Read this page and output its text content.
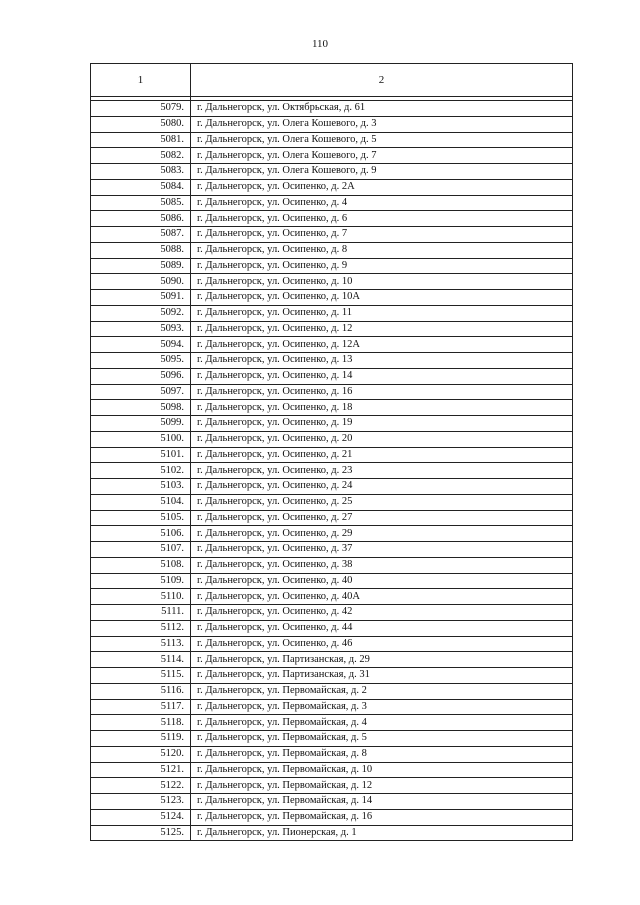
110
1	2

5079.	г. Дальнегорск, ул. Октябрьская, д. 61
5080.	г. Дальнегорск, ул. Олега Кошевого, д. 3
5081.	г. Дальнегорск, ул. Олега Кошевого, д. 5
5082.	г. Дальнегорск, ул. Олега Кошевого, д. 7
5083.	г. Дальнегорск, ул. Олега Кошевого, д. 9
5084.	г. Дальнегорск, ул. Осипенко, д. 2А
5085.	г. Дальнегорск, ул. Осипенко, д. 4
5086.	г. Дальнегорск, ул. Осипенко, д. 6
5087.	г. Дальнегорск, ул. Осипенко, д. 7
5088.	г. Дальнегорск, ул. Осипенко, д. 8
5089.	г. Дальнегорск, ул. Осипенко, д. 9
5090.	г. Дальнегорск, ул. Осипенко, д. 10
5091.	г. Дальнегорск, ул. Осипенко, д. 10А
5092.	г. Дальнегорск, ул. Осипенко, д. 11
5093.	г. Дальнегорск, ул. Осипенко, д. 12
5094.	г. Дальнегорск, ул. Осипенко, д. 12А
5095.	г. Дальнегорск, ул. Осипенко, д. 13
5096.	г. Дальнегорск, ул. Осипенко, д. 14
5097.	г. Дальнегорск, ул. Осипенко, д. 16
5098.	г. Дальнегорск, ул. Осипенко, д. 18
5099.	г. Дальнегорск, ул. Осипенко, д. 19
5100.	г. Дальнегорск, ул. Осипенко, д. 20
5101.	г. Дальнегорск, ул. Осипенко, д. 21
5102.	г. Дальнегорск, ул. Осипенко, д. 23
5103.	г. Дальнегорск, ул. Осипенко, д. 24
5104.	г. Дальнегорск, ул. Осипенко, д. 25
5105.	г. Дальнегорск, ул. Осипенко, д. 27
5106.	г. Дальнегорск, ул. Осипенко, д. 29
5107.	г. Дальнегорск, ул. Осипенко, д. 37
5108.	г. Дальнегорск, ул. Осипенко, д. 38
5109.	г. Дальнегорск, ул. Осипенко, д. 40
5110.	г. Дальнегорск, ул. Осипенко, д. 40А
5111.	г. Дальнегорск, ул. Осипенко, д. 42
5112.	г. Дальнегорск, ул. Осипенко, д. 44
5113.	г. Дальнегорск, ул. Осипенко, д. 46
5114.	г. Дальнегорск, ул. Партизанская, д. 29
5115.	г. Дальнегорск, ул. Партизанская, д. 31
5116.	г. Дальнегорск, ул. Первомайская, д. 2
5117.	г. Дальнегорск, ул. Первомайская, д. 3
5118.	г. Дальнегорск, ул. Первомайская, д. 4
5119.	г. Дальнегорск, ул. Первомайская, д. 5
5120.	г. Дальнегорск, ул. Первомайская, д. 8
5121.	г. Дальнегорск, ул. Первомайская, д. 10
5122.	г. Дальнегорск, ул. Первомайская, д. 12
5123.	г. Дальнегорск, ул. Первомайская, д. 14
5124.	г. Дальнегорск, ул. Первомайская, д. 16
5125.	г. Дальнегорск, ул. Пионерская, д. 1
